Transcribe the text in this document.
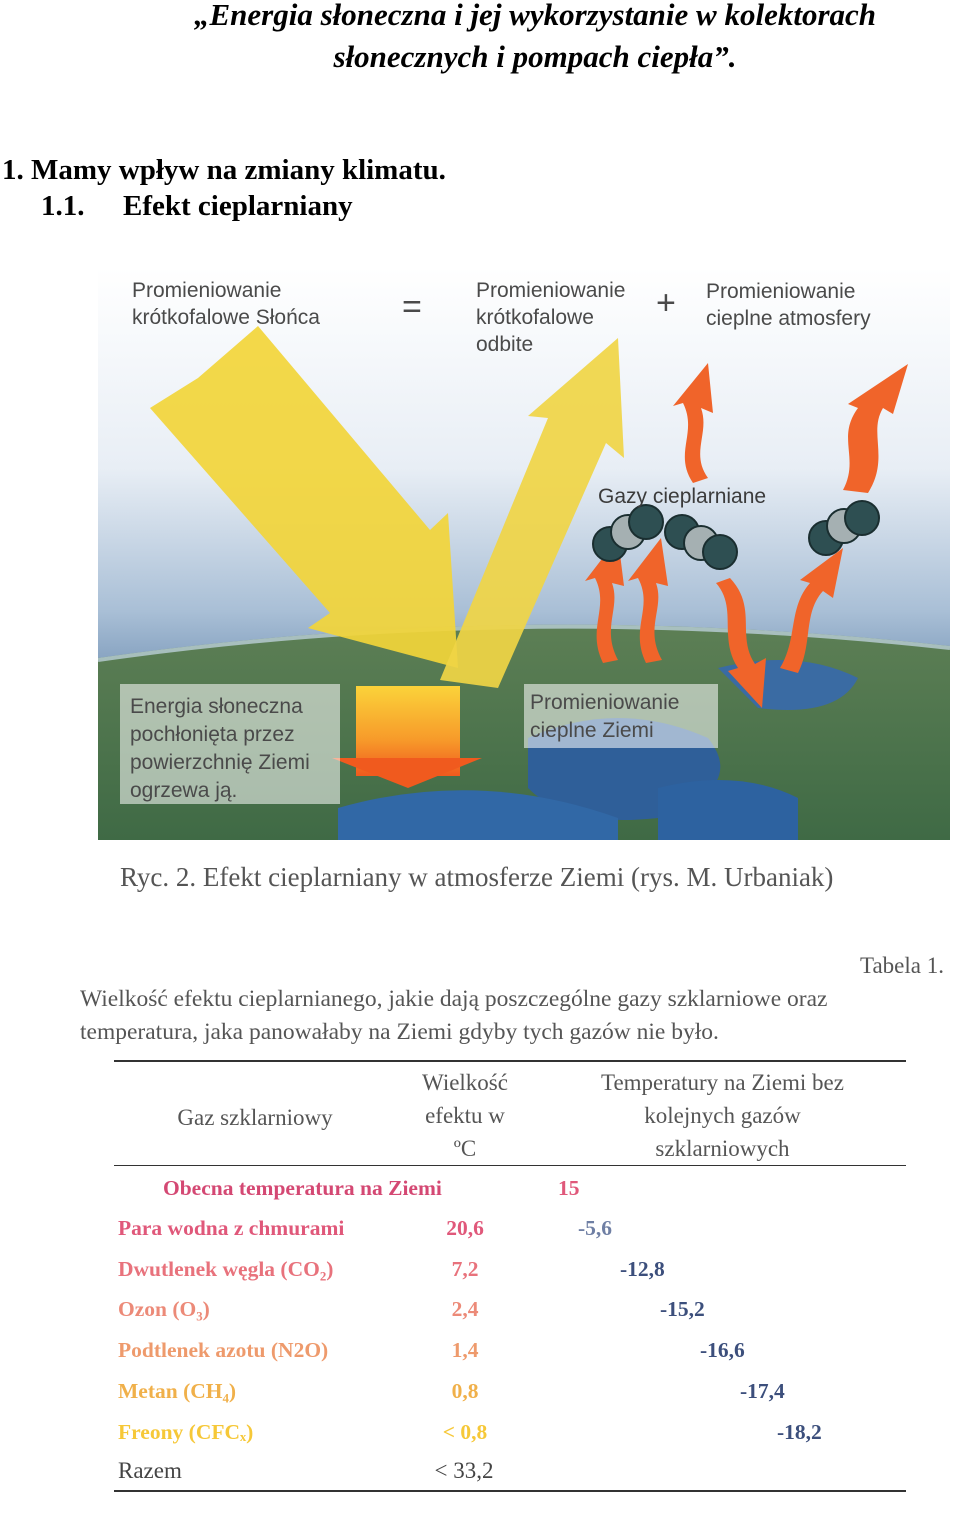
„Energia słoneczna i jej wykorzystanie w kolektorach
słonecznych i pompach ciepła”.
1. Mamy wpływ na zmiany klimatu.
1.1. Efekt cieplarniany
Promieniowanie
krótkofalowe Słońca =	Promieniowanie
krótkofalowe
odbite
+ Promieniowanie
cieplne atmosfery
Gazy cieplarniane
Energia słoneczna
pochłonięta przez
powierzchnię Ziemi
ogrzewa ją.
Promieniowanie
cieplne Ziemi
Ryc. 2. Efekt cieplarniany w atmosferze Ziemi (rys. M. Urbaniak)
Tabela 1.
Wielkość efektu cieplarnianego, jakie dają poszczególne gazy szklarniowe oraz temperatura, jaka panowałaby na Ziemi gdyby tych gazów nie było.
Gaz szklarniowy
Wielkość
efektu w
ºC
Temperatury na Ziemi bez
kolejnych gazów
szklarniowych
Obecna temperatura na Ziemi	15
Para wodna z chmurami	20,6	-5,6
Dwutlenek węgla (CO₂)	7,2	-12,8
Ozon (O₃)	2,4	-15,2
Podtlenek azotu (N2O)	1,4	-16,6
Metan (CH₄)	0,8	-17,4
Freony (CFCₓ)	< 0,8	-18,2
Razem	< 33,2
